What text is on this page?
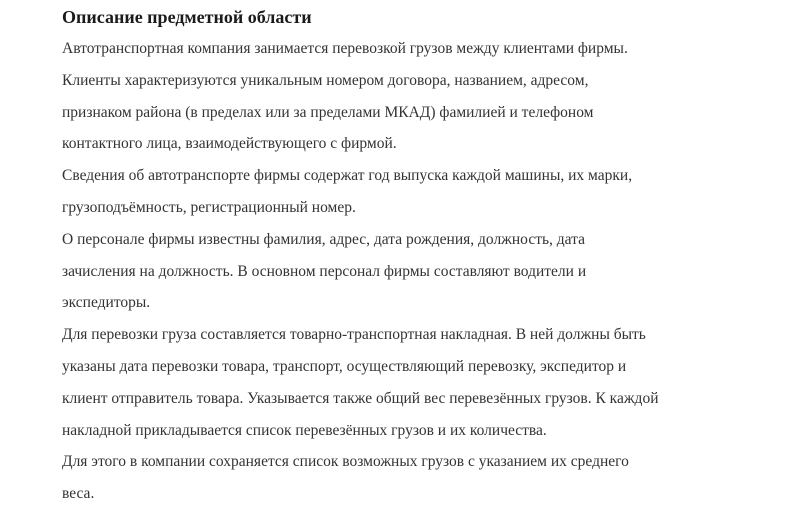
Описание предметной области

Автотранспортная компания занимается перевозкой грузов между клиентами фирмы.
Клиенты характеризуются уникальным номером договора, названием, адресом,
признаком района (в пределах или за пределами МКАД) фамилией и телефоном
контактного лица, взаимодействующего с фирмой.

Сведения об автотранспорте фирмы содержат год выпуска каждой машины, их марки,
грузоподъёмность, регистрационный номер.

О персонале фирмы известны фамилия, адрес, дата рождения, должность, дата
зачисления на должность. В основном персонал фирмы составляют водители и
экспедиторы.

Для перевозки груза составляется товарно-транспортная накладная. В ней должны быть
указаны дата перевозки товара, транспорт, осуществляющий перевозку, экспедитор и
клиент отправитель товара. Указывается также общий вес перевезённых грузов. К каждой
накладной прикладывается список перевезённых грузов и их количества.

Для этого в компании сохраняется список возможных грузов с указанием их среднего
веса.
